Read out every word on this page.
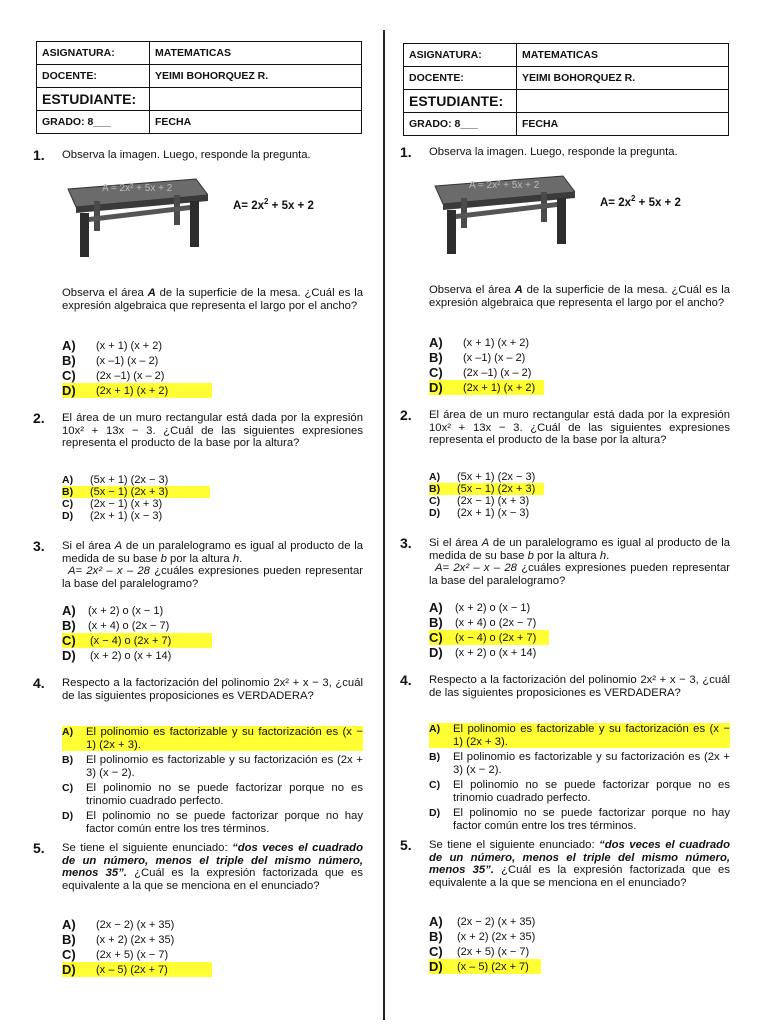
ASIGNATURA:	MATEMATICAS
DOCENTE:	YEIMI BOHORQUEZ R.
ESTUDIANTE:	
GRADO: 8___	FECHA
1. Observa la imagen. Luego, responde la pregunta.
A = 2x² + 5x + 2
$A= 2x^2 + 5x + 2$
Observa el área A de la superficie de la mesa. ¿Cuál es la expresión algebraica que representa el largo por el ancho?
A) (x + 1) (x + 2)
B) (x –1) (x – 2)
C) (2x –1) (x – 2)
D) (2x + 1) (x + 2)
2. El área de un muro rectangular está dada por la expresión 10x² + 13x − 3. ¿Cuál de las siguientes expresiones representa el producto de la base por la altura?
A) (5x + 1) (2x − 3)
B) (5x − 1) (2x + 3)
C) (2x − 1) (x + 3)
D) (2x + 1) (x − 3)
3. Si el área A de un paralelogramo es igual al producto de la medida de su base b por la altura h.
A= 2x² – x – 28 ¿cuáles expresiones pueden representar la base del paralelogramo?
A) (x + 2) o (x − 1)
B) (x + 4) o (2x − 7)
C) (x − 4) o (2x + 7)
D) (x + 2) o (x + 14)
4. Respecto a la factorización del polinomio 2x² + x − 3, ¿cuál de las siguientes proposiciones es VERDADERA?
A) El polinomio es factorizable y su factorización es (x − 1) (2x + 3).
B) El polinomio es factorizable y su factorización es (2x + 3) (x − 2).
C) El polinomio no se puede factorizar porque no es trinomio cuadrado perfecto.
D) El polinomio no se puede factorizar porque no hay factor común entre los tres términos.
5. Se tiene el siguiente enunciado: “dos veces el cuadrado de un número, menos el triple del mismo número, menos 35”. ¿Cuál es la expresión factorizada que es equivalente a la que se menciona en el enunciado?
A) (2x − 2) (x + 35)
B) (x + 2) (2x + 35)
C) (2x + 5) (x − 7)
D) (x – 5) (2x + 7)
ASIGNATURA:	MATEMATICAS
DOCENTE:	YEIMI BOHORQUEZ R.
ESTUDIANTE:	
GRADO: 8___	FECHA
1. Observa la imagen. Luego, responde la pregunta.
A = 2x² + 5x + 2
$A= 2x^2 + 5x + 2$
Observa el área A de la superficie de la mesa. ¿Cuál es la expresión algebraica que representa el largo por el ancho?
A) (x + 1) (x + 2)
B) (x –1) (x – 2)
C) (2x –1) (x – 2)
D) (2x + 1) (x + 2)
2. El área de un muro rectangular está dada por la expresión 10x² + 13x − 3. ¿Cuál de las siguientes expresiones representa el producto de la base por la altura?
A) (5x + 1) (2x − 3)
B) (5x − 1) (2x + 3)
C) (2x − 1) (x + 3)
D) (2x + 1) (x − 3)
3. Si el área A de un paralelogramo es igual al producto de la medida de su base b por la altura h.
A= 2x² – x – 28 ¿cuáles expresiones pueden representar la base del paralelogramo?
A) (x + 2) o (x − 1)
B) (x + 4) o (2x − 7)
C) (x − 4) o (2x + 7)
D) (x + 2) o (x + 14)
4. Respecto a la factorización del polinomio 2x² + x − 3, ¿cuál de las siguientes proposiciones es VERDADERA?
A) El polinomio es factorizable y su factorización es (x − 1) (2x + 3).
B) El polinomio es factorizable y su factorización es (2x + 3) (x − 2).
C) El polinomio no se puede factorizar porque no es trinomio cuadrado perfecto.
D) El polinomio no se puede factorizar porque no hay factor común entre los tres términos.
5. Se tiene el siguiente enunciado: “dos veces el cuadrado de un número, menos el triple del mismo número, menos 35”. ¿Cuál es la expresión factorizada que es equivalente a la que se menciona en el enunciado?
A) (2x − 2) (x + 35)
B) (x + 2) (2x + 35)
C) (2x + 5) (x − 7)
D) (x – 5) (2x + 7)
